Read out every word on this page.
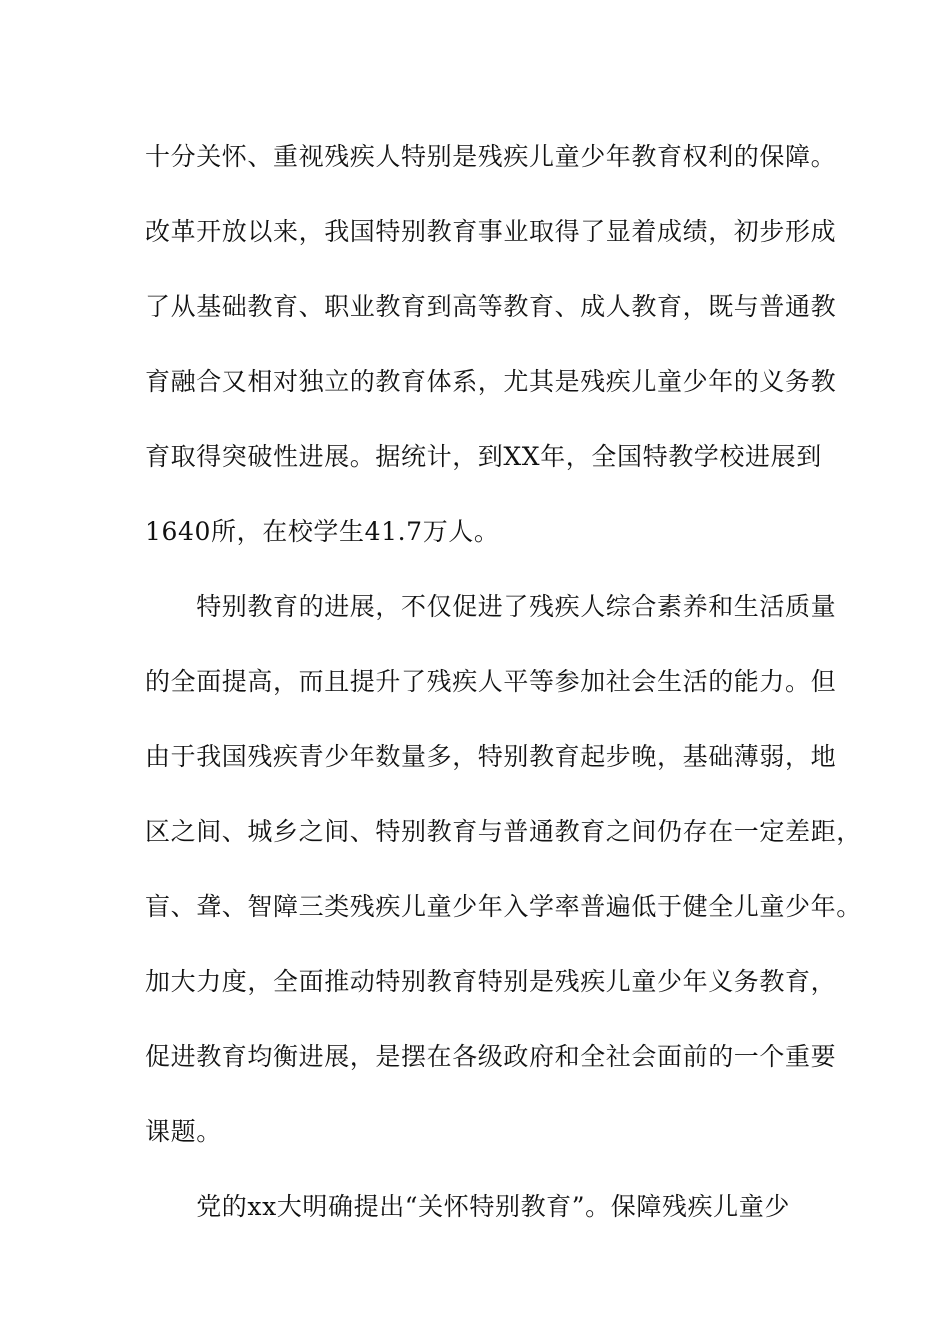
十分关怀、重视残疾人特别是残疾儿童少年教育权利的保障。
改革开放以来，我国特别教育事业取得了显着成绩，初步形成
了从基础教育、职业教育到高等教育、成人教育，既与普通教
育融合又相对独立的教育体系，尤其是残疾儿童少年的义务教
育取得突破性进展。据统计，到XX年，全国特教学校进展到
1640所，在校学生41.7万人。
　　特别教育的进展，不仅促进了残疾人综合素养和生活质量
的全面提高，而且提升了残疾人平等参加社会生活的能力。但
由于我国残疾青少年数量多，特别教育起步晚，基础薄弱，地
区之间、城乡之间、特别教育与普通教育之间仍存在一定差距，
盲、聋、智障三类残疾儿童少年入学率普遍低于健全儿童少年。
加大力度，全面推动特别教育特别是残疾儿童少年义务教育，
促进教育均衡进展，是摆在各级政府和全社会面前的一个重要
课题。
　　党的xx大明确提出“关怀特别教育”。保障残疾儿童少
